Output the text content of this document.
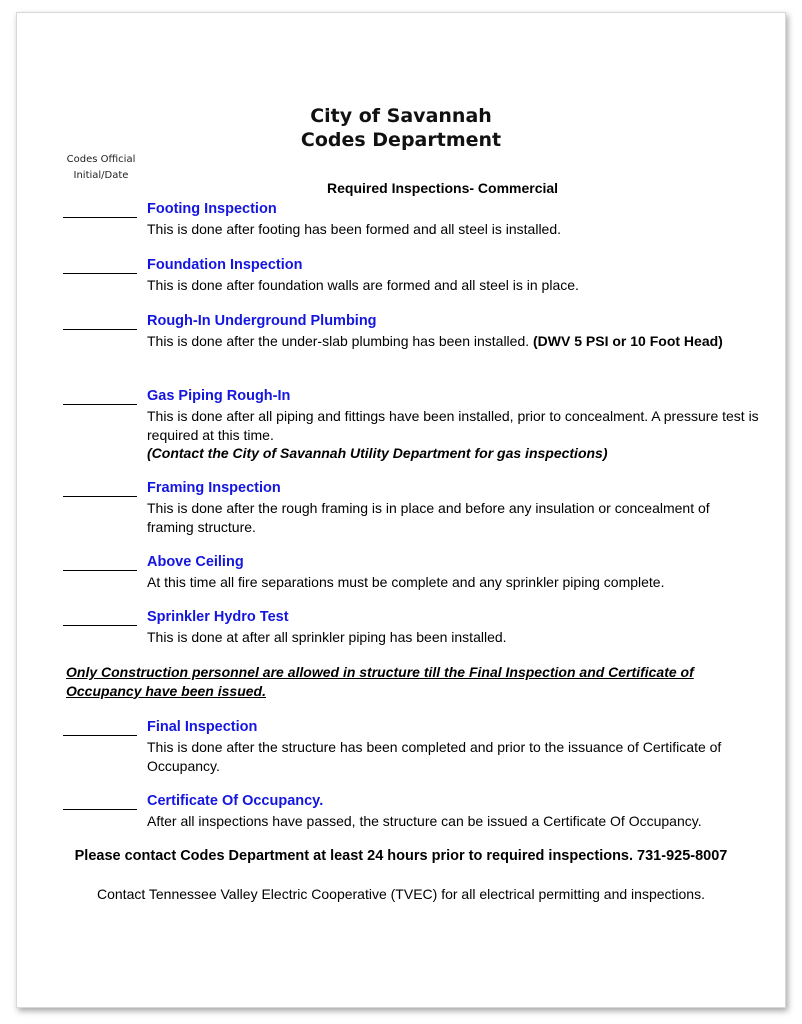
City of Savannah
Codes Department
Codes Official
Initial/Date
Required Inspections- Commercial
Footing Inspection
This is done after footing has been formed and all steel is installed.
Foundation Inspection
This is done after foundation walls are formed and all steel is in place.
Rough-In Underground Plumbing
This is done after the under-slab plumbing has been installed. (DWV 5 PSI or 10 Foot Head)
Gas Piping Rough-In
This is done after all piping and fittings have been installed, prior to concealment. A pressure test is required at this time.
(Contact the City of Savannah Utility Department for gas inspections)
Framing Inspection
This is done after the rough framing is in place and before any insulation or concealment of framing structure.
Above Ceiling
At this time all fire separations must be complete and any sprinkler piping complete.
Sprinkler Hydro Test
This is done at after all sprinkler piping has been installed.
Only Construction personnel are allowed in structure till the Final Inspection and Certificate of Occupancy have been issued.
Final Inspection
This is done after the structure has been completed and prior to the issuance of Certificate of Occupancy.
Certificate Of Occupancy.
After all inspections have passed, the structure can be issued a Certificate Of Occupancy.
Please contact Codes Department at least 24 hours prior to required inspections. 731-925-8007
Contact Tennessee Valley Electric Cooperative (TVEC) for all electrical permitting and inspections.
